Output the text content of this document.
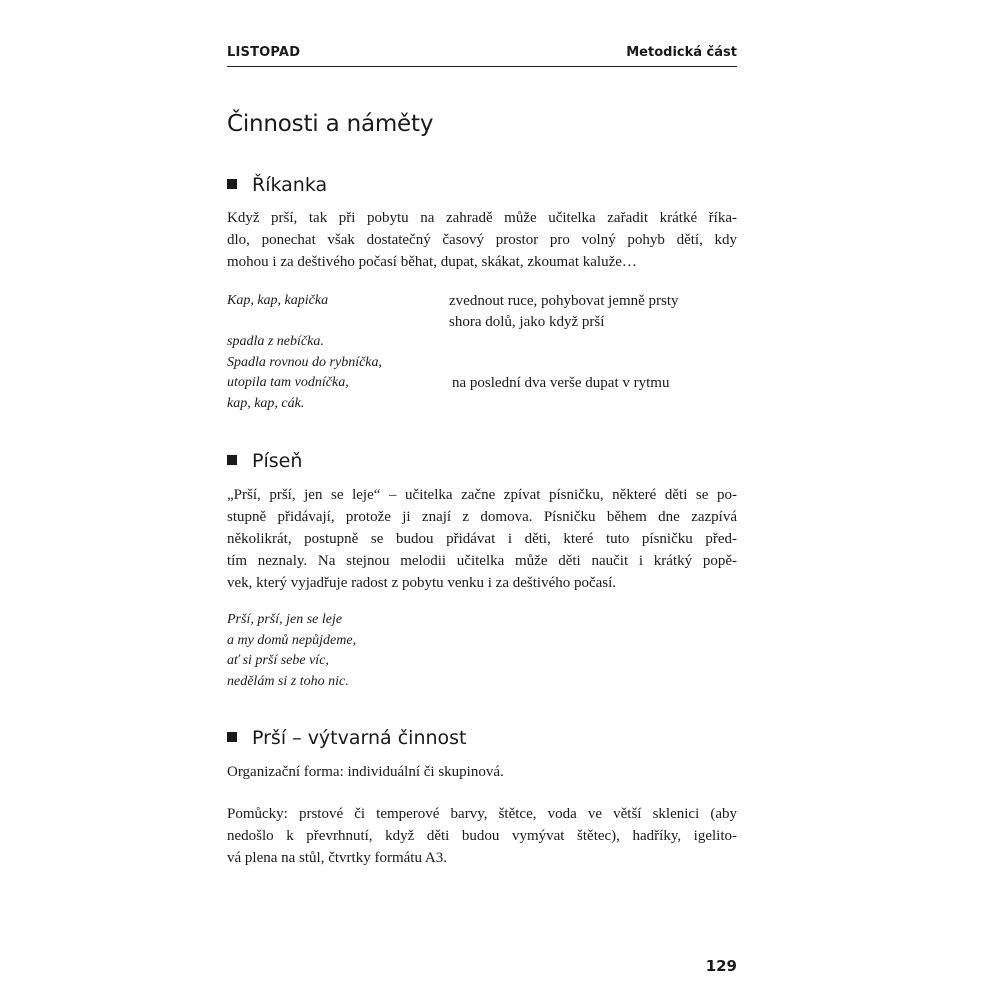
LISTOPAD	Metodická část
Činnosti a náměty
Říkanka
Když prší, tak při pobytu na zahradě může učitelka zařadit krátké říka-
dlo, ponechat však dostatečný časový prostor pro volný pohyb dětí, kdy
mohou i za deštivého počasí běhat, dupat, skákat, zkoumat kaluže…
Kap, kap, kapička	zvednout ruce, pohybovat jemně prsty
shora dolů, jako když prší
spadla z nebíčka.
Spadla rovnou do rybníčka,
utopila tam vodníčka,
kap, kap, cák.
na poslední dva verše dupat v rytmu
Píseň
„Prší, prší, jen se leje“ – učitelka začne zpívat písničku, některé děti se po-
stupně přidávají, protože ji znají z domova. Písničku během dne zazpívá
několikrát, postupně se budou přidávat i děti, které tuto písničku před-
tím neznaly. Na stejnou melodii učitelka může děti naučit i krátký popě-
vek, který vyjadřuje radost z pobytu venku i za deštivého počasí.
Prší, prší, jen se leje
a my domů nepůjdeme,
ať si prší sebe víc,
nedělám si z toho nic.
Prší – výtvarná činnost
Organizační forma: individuální či skupinová.
Pomůcky: prstové či temperové barvy, štětce, voda ve větší sklenici (aby
nedošlo k převrhnutí, když děti budou vymývat štětec), hadříky, igelito-
vá plena na stůl, čtvrtky formátu A3.
129
